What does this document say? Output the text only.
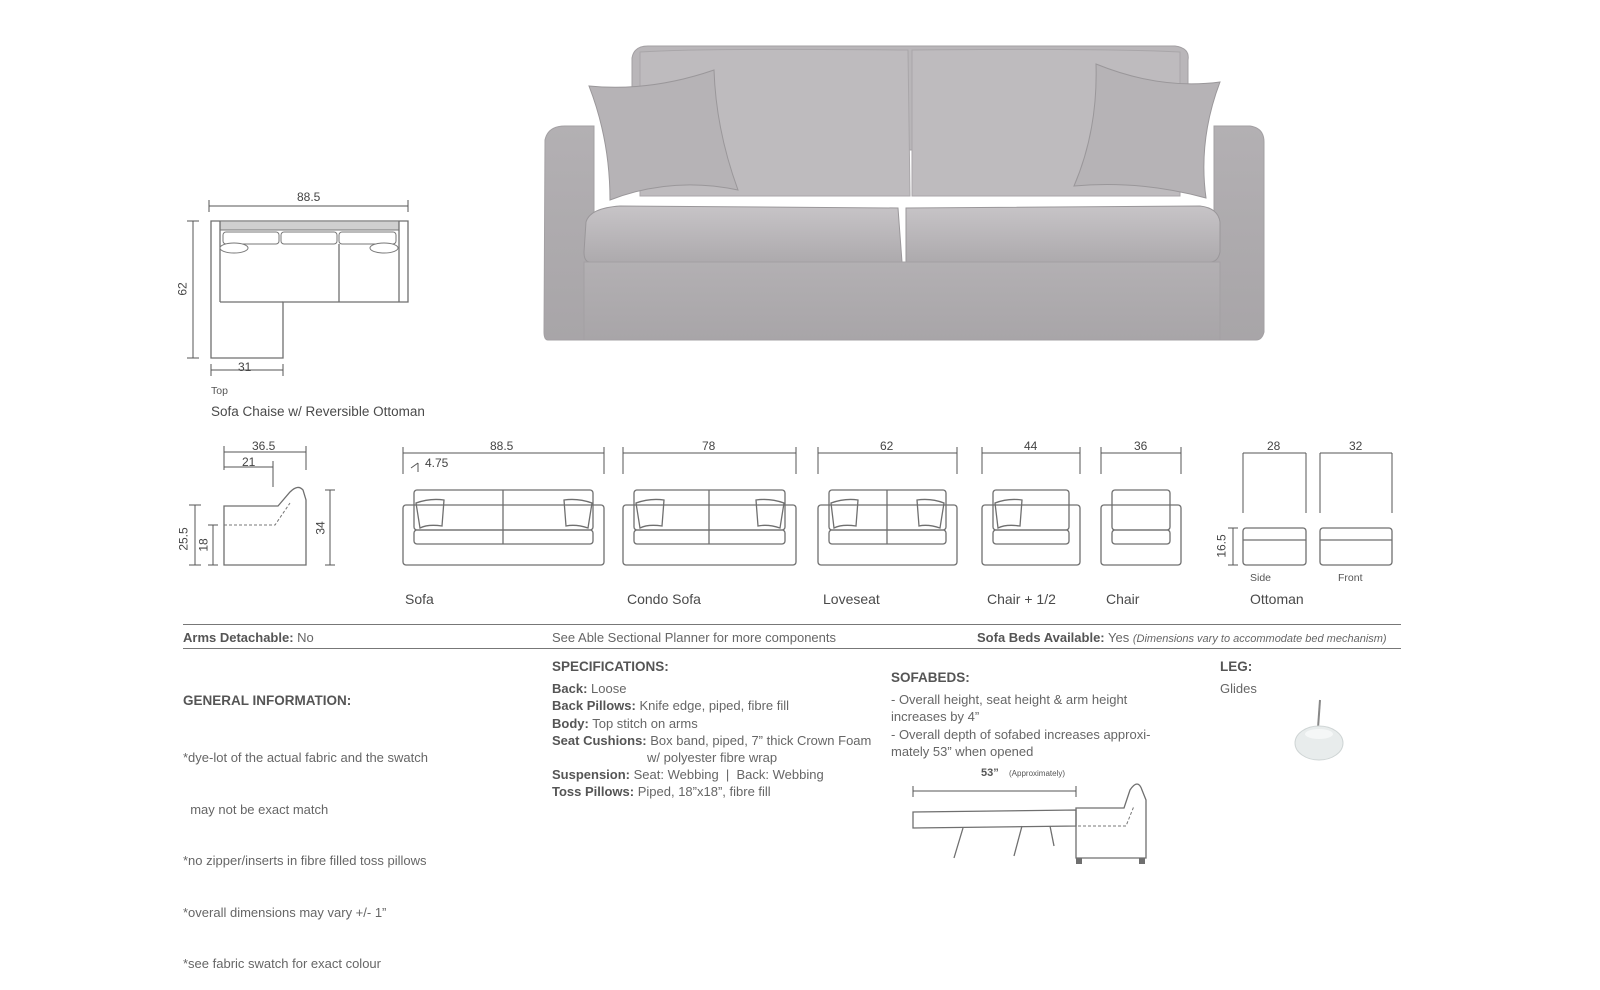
88.5
62
31
Top
Sofa Chaise w/ Reversible Ottoman
36.5
21
25.5 18
34
88.5
4.75
78	62	44	36	28	32
16.5
Side	Front
Sofa	Condo Sofa	Loveseat	Chair + 1/2	Chair	Ottoman
Arms Detachable: No	See Able Sectional Planner for more components	Sofa Beds Available: Yes (Dimensions vary to accommodate bed mechanism)

GENERAL INFORMATION:

*dye-lot of the actual fabric and the swatch

may not be exact match

*no zipper/inserts in fibre filled toss pillows

*overall dimensions may vary +/- 1”

*see fabric swatch for exact colour

SPECIFICATIONS:
Back: Loose
Back Pillows: Knife edge, piped, fibre fill
Body: Top stitch on arms
Seat Cushions: Box band, piped, 7” thick Crown Foam
w/ polyester fibre wrap
Suspension: Seat: Webbing  |  Back: Webbing
Toss Pillows: Piped, 18”x18”, fibre fill
SOFABEDS:
- Overall height, seat height & arm height
increases by 4”
- Overall depth of sofabed increases approxi-
mately 53” when opened
53” (Approximately)
LEG:
Glides
